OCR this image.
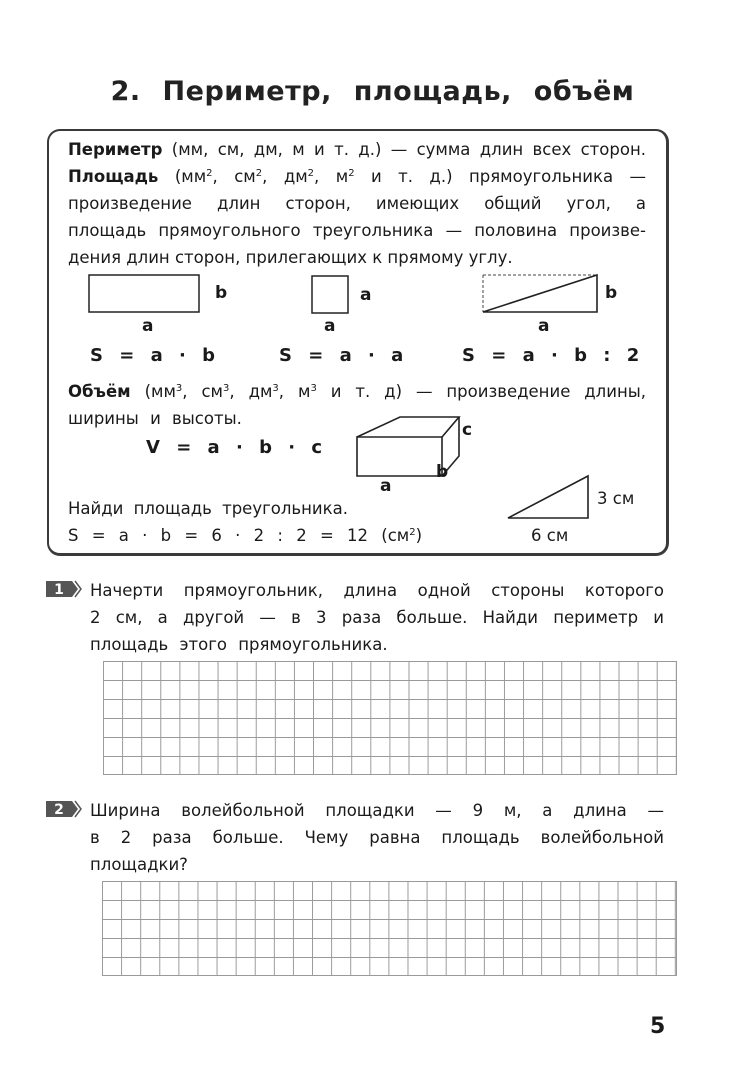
2. Периметр, площадь, объём
Периметр (мм, см, дм, м и т. д.) — сумма длин всех сторон.
Площадь ($мм^2$, $см^2$, $дм^2$, $м^2$ и т. д.) прямоугольника —
произведение длин сторон, имеющих общий угол, а
площадь прямоугольного треугольника — половина произве-
дения длин сторон, прилегающих к прямому углу.
b
a
a
a
b
a
S = a · b	S = a · a	S = a · b : 2
Объём ($мм^3$, $см^3$, $дм^3$, $м^3$ и т. д) — произведение длины,
ширины и высоты.
V = a · b · c
c
b
a
Найди площадь треугольника.
S = a · b = 6 · 2 : 2 = 12 $(см^2)$
3 см
6 см
1 Начерти прямоугольник, длина одной стороны которого
2 см, а другой — в 3 раза больше. Найди периметр и
площадь этого прямоугольника.
2 Ширина волейбольной площадки — 9 м, а длина —
в 2 раза больше. Чему равна площадь волейбольной
площадки?
5
